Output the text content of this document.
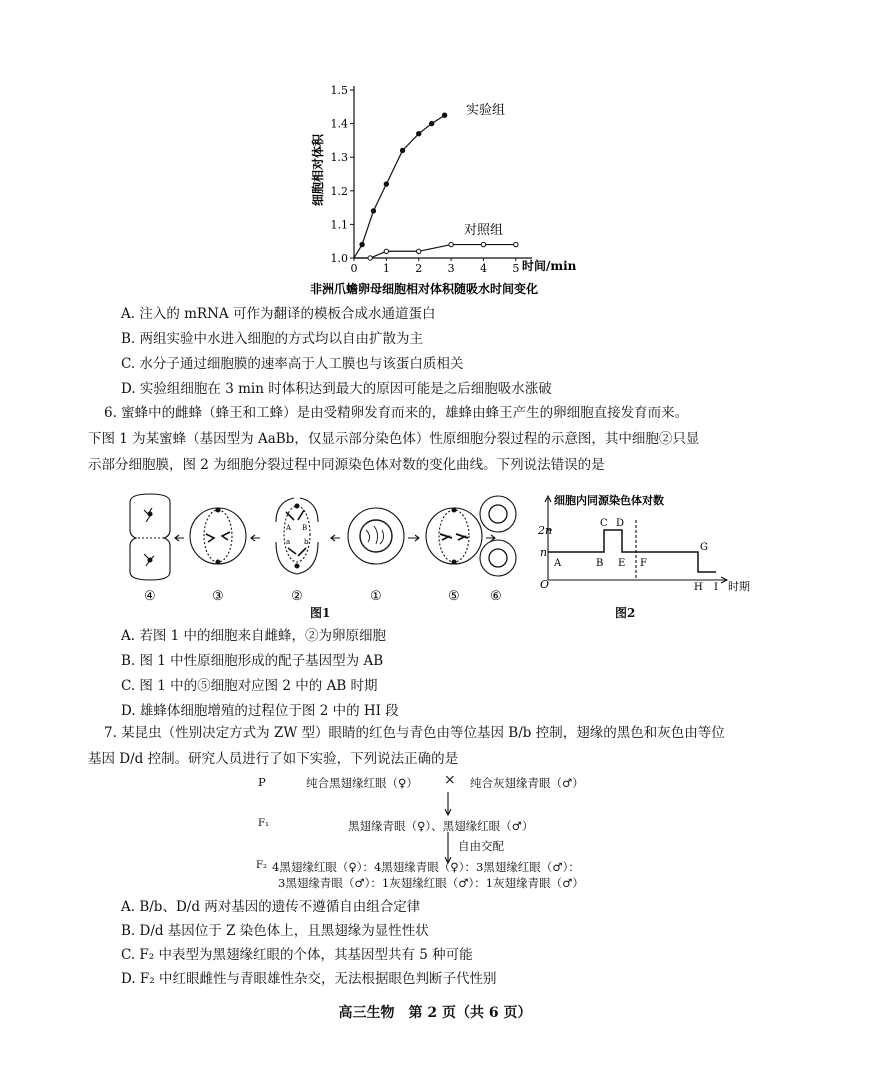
1.0
1.1
1.2
1.3
1.4
1.5
0 1 2 3 4 5
细胞相对体积
时间/min
实验组
对照组
非洲爪蟾卵母细胞相对体积随吸水时间变化
A. 注入的 mRNA 可作为翻译的模板合成水通道蛋白
B. 两组实验中水进入细胞的方式均以自由扩散为主
C. 水分子通过细胞膜的速率高于人工膜也与该蛋白质相关
D. 实验组细胞在 3 min 时体积达到最大的原因可能是之后细胞吸水涨破
6. 蜜蜂中的雌蜂（蜂王和工蜂）是由受精卵发育而来的，雄蜂由蜂王产生的卵细胞直接发育而来。
下图 1 为某蜜蜂（基因型为 AaBb，仅显示部分染色体）性原细胞分裂过程的示意图，其中细胞②只显
示部分细胞膜，图 2 为细胞分裂过程中同源染色体对数的变化曲线。下列说法错误的是
A B
a b
④	③	②	①	⑤ ⑥
图1
细胞内同源染色体对数
2n
n
O
A	B
C D
E F
G
H I 时期
图2
A. 若图 1 中的细胞来自雌蜂，②为卵原细胞
B. 图 1 中性原细胞形成的配子基因型为 AB
C. 图 1 中的⑤细胞对应图 2 中的 AB 时期
D. 雄蜂体细胞增殖的过程位于图 2 中的 HI 段
7. 某昆虫（性别决定方式为 ZW 型）眼睛的红色与青色由等位基因 B/b 控制，翅缘的黑色和灰色由等位
基因 D/d 控制。研究人员进行了如下实验，下列说法正确的是
P	纯合黑翅缘红眼（♀） × 纯合灰翅缘青眼（♂）
F₁	黑翅缘青眼（♀）、黑翅缘红眼（♂）
自由交配
F₂ 4黑翅缘红眼（♀）：4黑翅缘青眼（♀）：3黑翅缘红眼（♂）：
3黑翅缘青眼（♂）：1灰翅缘红眼（♂）：1灰翅缘青眼（♂）
A. B/b、D/d 两对基因的遗传不遵循自由组合定律
B. D/d 基因位于 Z 染色体上，且黑翅缘为显性性状
C. F₂ 中表型为黑翅缘红眼的个体，其基因型共有 5 种可能
D. F₂ 中红眼雌性与青眼雄性杂交，无法根据眼色判断子代性别
高三生物　第 2 页（共 6 页）
